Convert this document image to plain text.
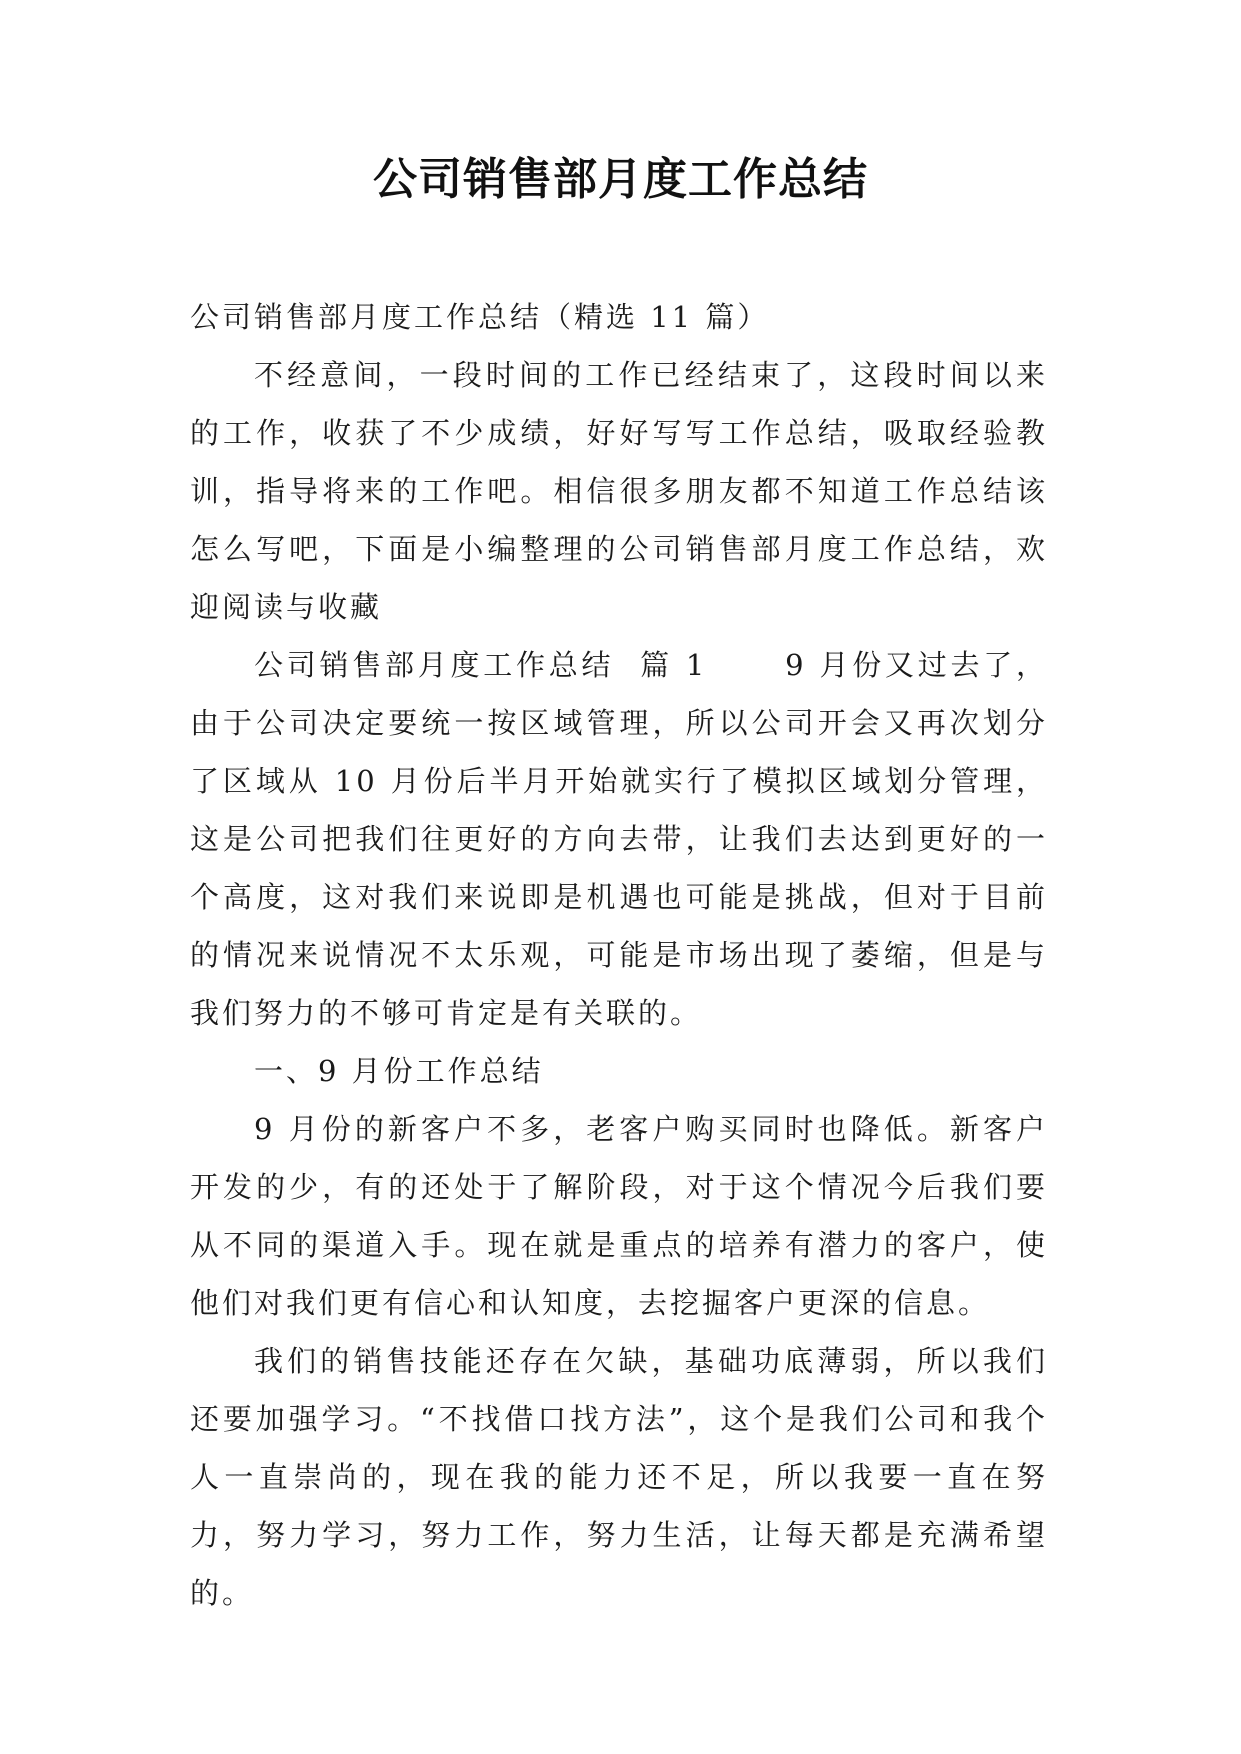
公司销售部月度工作总结

公司销售部月度工作总结（精选 11 篇）

不经意间，一段时间的工作已经结束了，这段时间以来的工作，收获了不少成绩，好好写写工作总结，吸取经验教训，指导将来的工作吧。相信很多朋友都不知道工作总结该怎么写吧，下面是小编整理的公司销售部月度工作总结，欢迎阅读与收藏

公司销售部月度工作总结  篇 1      9 月份又过去了，由于公司决定要统一按区域管理，所以公司开会又再次划分了区域从 10 月份后半月开始就实行了模拟区域划分管理，这是公司把我们往更好的方向去带，让我们去达到更好的一个高度，这对我们来说即是机遇也可能是挑战，但对于目前的情况来说情况不太乐观，可能是市场出现了萎缩，但是与我们努力的不够可肯定是有关联的。

一、9 月份工作总结

9 月份的新客户不多，老客户购买同时也降低。新客户开发的少，有的还处于了解阶段，对于这个情况今后我们要从不同的渠道入手。现在就是重点的培养有潜力的客户，使他们对我们更有信心和认知度，去挖掘客户更深的信息。

我们的销售技能还存在欠缺，基础功底薄弱，所以我们还要加强学习。“不找借口找方法”，这个是我们公司和我个人一直崇尚的，现在我的能力还不足，所以我要一直在努力，努力学习，努力工作，努力生活，让每天都是充满希望的。
